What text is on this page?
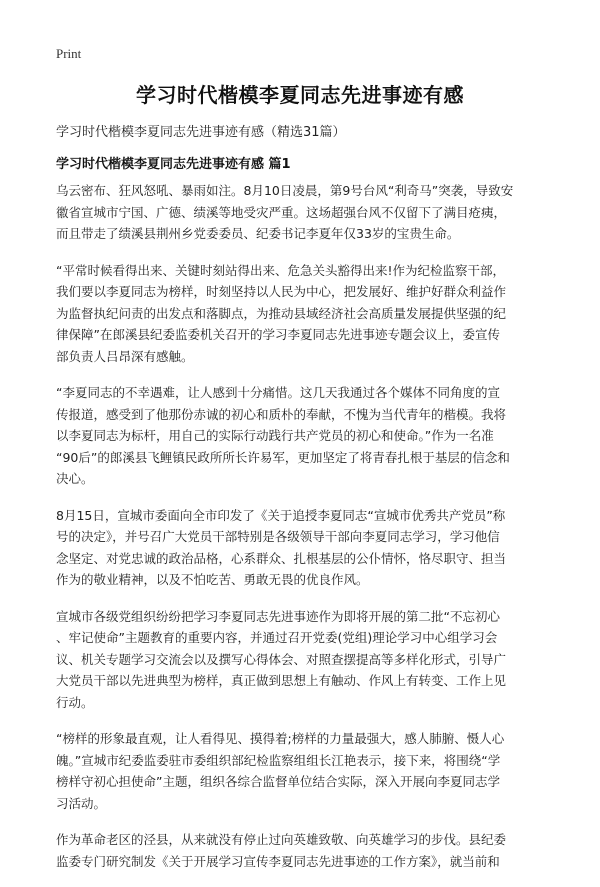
Print
学习时代楷模李夏同志先进事迹有感
学习时代楷模李夏同志先进事迹有感（精选31篇）
学习时代楷模李夏同志先进事迹有感 篇1

乌云密布、狂风怒吼、暴雨如注。8月10日凌晨，第9号台风“利奇马”突袭，导致安
徽省宣城市宁国、广德、绩溪等地受灾严重。这场超强台风不仅留下了满目疮痍，
而且带走了绩溪县荆州乡党委委员、纪委书记李夏年仅33岁的宝贵生命。

“平常时候看得出来、关键时刻站得出来、危急关头豁得出来!作为纪检监察干部，
我们要以李夏同志为榜样，时刻坚持以人民为中心，把发展好、维护好群众利益作
为监督执纪问责的出发点和落脚点，为推动县域经济社会高质量发展提供坚强的纪
律保障”在郎溪县纪委监委机关召开的学习李夏同志先进事迹专题会议上，委宣传
部负责人吕昂深有感触。

“李夏同志的不幸遇难，让人感到十分痛惜。这几天我通过各个媒体不同角度的宣
传报道，感受到了他那份赤诚的初心和质朴的奉献，不愧为当代青年的楷模。我将
以李夏同志为标杆，用自己的实际行动践行共产党员的初心和使命。”作为一名准
“90后”的郎溪县飞鲤镇民政所所长许易军，更加坚定了将青春扎根于基层的信念和
决心。

8月15日，宣城市委面向全市印发了《关于追授李夏同志“宣城市优秀共产党员”称
号的决定》，并号召广大党员干部特别是各级领导干部向李夏同志学习，学习他信
念坚定、对党忠诚的政治品格，心系群众、扎根基层的公仆情怀，恪尽职守、担当
作为的敬业精神，以及不怕吃苦、勇敢无畏的优良作风。

宣城市各级党组织纷纷把学习李夏同志先进事迹作为即将开展的第二批“不忘初心
、牢记使命”主题教育的重要内容，并通过召开党委(党组)理论学习中心组学习会
议、机关专题学习交流会以及撰写心得体会、对照查摆提高等多样化形式，引导广
大党员干部以先进典型为榜样，真正做到思想上有触动、作风上有转变、工作上见
行动。

“榜样的形象最直观，让人看得见、摸得着;榜样的力量最强大，感人肺腑、慑人心
魄。”宣城市纪委监委驻市委组织部纪检监察组组长江艳表示，接下来，将围绕“学
榜样守初心担使命”主题，组织各综合监督单位结合实际，深入开展向李夏同志学
习活动。

作为革命老区的泾县，从来就没有停止过向英雄致敬、向英雄学习的步伐。县纪委
监委专门研究制发《关于开展学习宣传李夏同志先进事迹的工作方案》，就当前和
